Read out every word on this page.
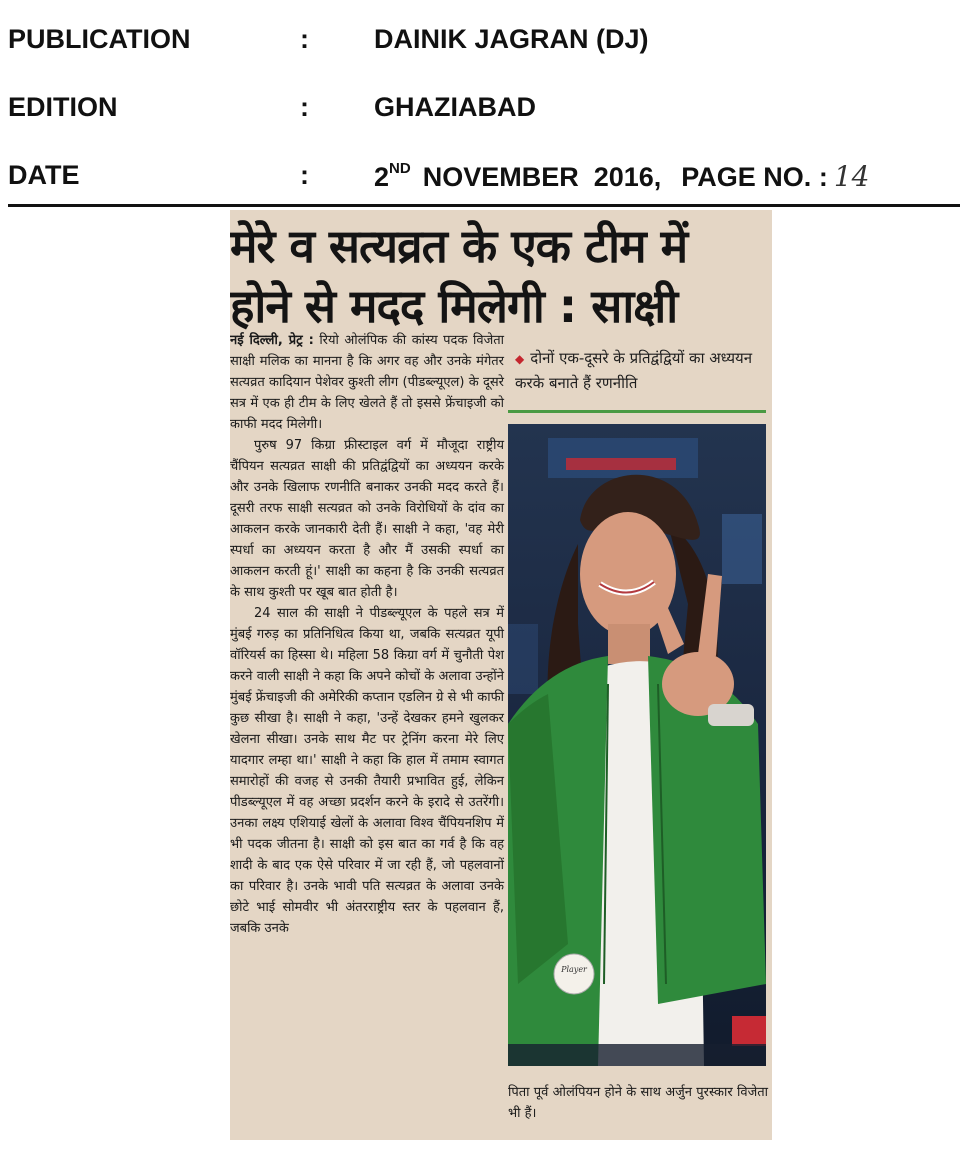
PUBLICATION	: DAINIK JAGRAN (DJ)
EDITION	: GHAZIABAD
DATE	: 2ND NOVEMBER  2016, PAGE NO. : 14
मेरे व सत्यव्रत के एक टीम में
होने से मदद मिलेगी : साक्षी

नई दिल्ली, प्रेट्र : रियो ओलंपिक की कांस्य पदक विजेता साक्षी मलिक का मानना है कि अगर वह और उनके मंगेतर सत्यव्रत कादियान पेशेवर कुश्ती लीग (पीडब्ल्यूएल) के दूसरे सत्र में एक ही टीम के लिए खेलते हैं तो इससे फ्रेंचाइजी को काफी मदद मिलेगी।

पुरुष 97 किग्रा फ्रीस्टाइल वर्ग में मौजूदा राष्ट्रीय चैंपियन सत्यव्रत साक्षी की प्रतिद्वंद्वियों का अध्ययन करके और उनके खिलाफ रणनीति बनाकर उनकी मदद करते हैं। दूसरी तरफ साक्षी सत्यव्रत को उनके विरोधियों के दांव का आकलन करके जानकारी देती हैं। साक्षी ने कहा, 'वह मेरी स्पर्धा का अध्ययन करता है और मैं उसकी स्पर्धा का आकलन करती हूं।' साक्षी का कहना है कि उनकी सत्यव्रत के साथ कुश्ती पर खूब बात होती है।

24 साल की साक्षी ने पीडब्ल्यूएल के पहले सत्र में मुंबई गरुड़ का प्रतिनिधित्व किया था, जबकि सत्यव्रत यूपी वॉरियर्स का हिस्सा थे। महिला 58 किग्रा वर्ग में चुनौती पेश करने वाली साक्षी ने कहा कि अपने कोचों के अलावा उन्होंने मुंबई फ्रेंचाइजी की अमेरिकी कप्तान एडलिन ग्रे से भी काफी कुछ सीखा है। साक्षी ने कहा, 'उन्हें देखकर हमने खुलकर खेलना सीखा। उनके साथ मैट पर ट्रेनिंग करना मेरे लिए यादगार लम्हा था।' साक्षी ने कहा कि हाल में तमाम स्वागत समारोहों की वजह से उनकी तैयारी प्रभावित हुई, लेकिन पीडब्ल्यूएल में वह अच्छा प्रदर्शन करने के इरादे से उतरेंगी। उनका लक्ष्य एशियाई खेलों के अलावा विश्व चैंपियनशिप में भी पदक जीतना है। साक्षी को इस बात का गर्व है कि वह शादी के बाद एक ऐसे परिवार में जा रही हैं, जो पहलवानों का परिवार है। उनके भावी पति सत्यव्रत के अलावा उनके छोटे भाई सोमवीर भी अंतरराष्ट्रीय स्तर के पहलवान हैं, जबकि उनके

◆ दोनों एक-दूसरे के प्रतिद्वंद्वियों का अध्ययन करके बनाते हैं रणनीति
Player
पिता पूर्व ओलंपियन होने के साथ अर्जुन पुरस्कार विजेता भी हैं।
